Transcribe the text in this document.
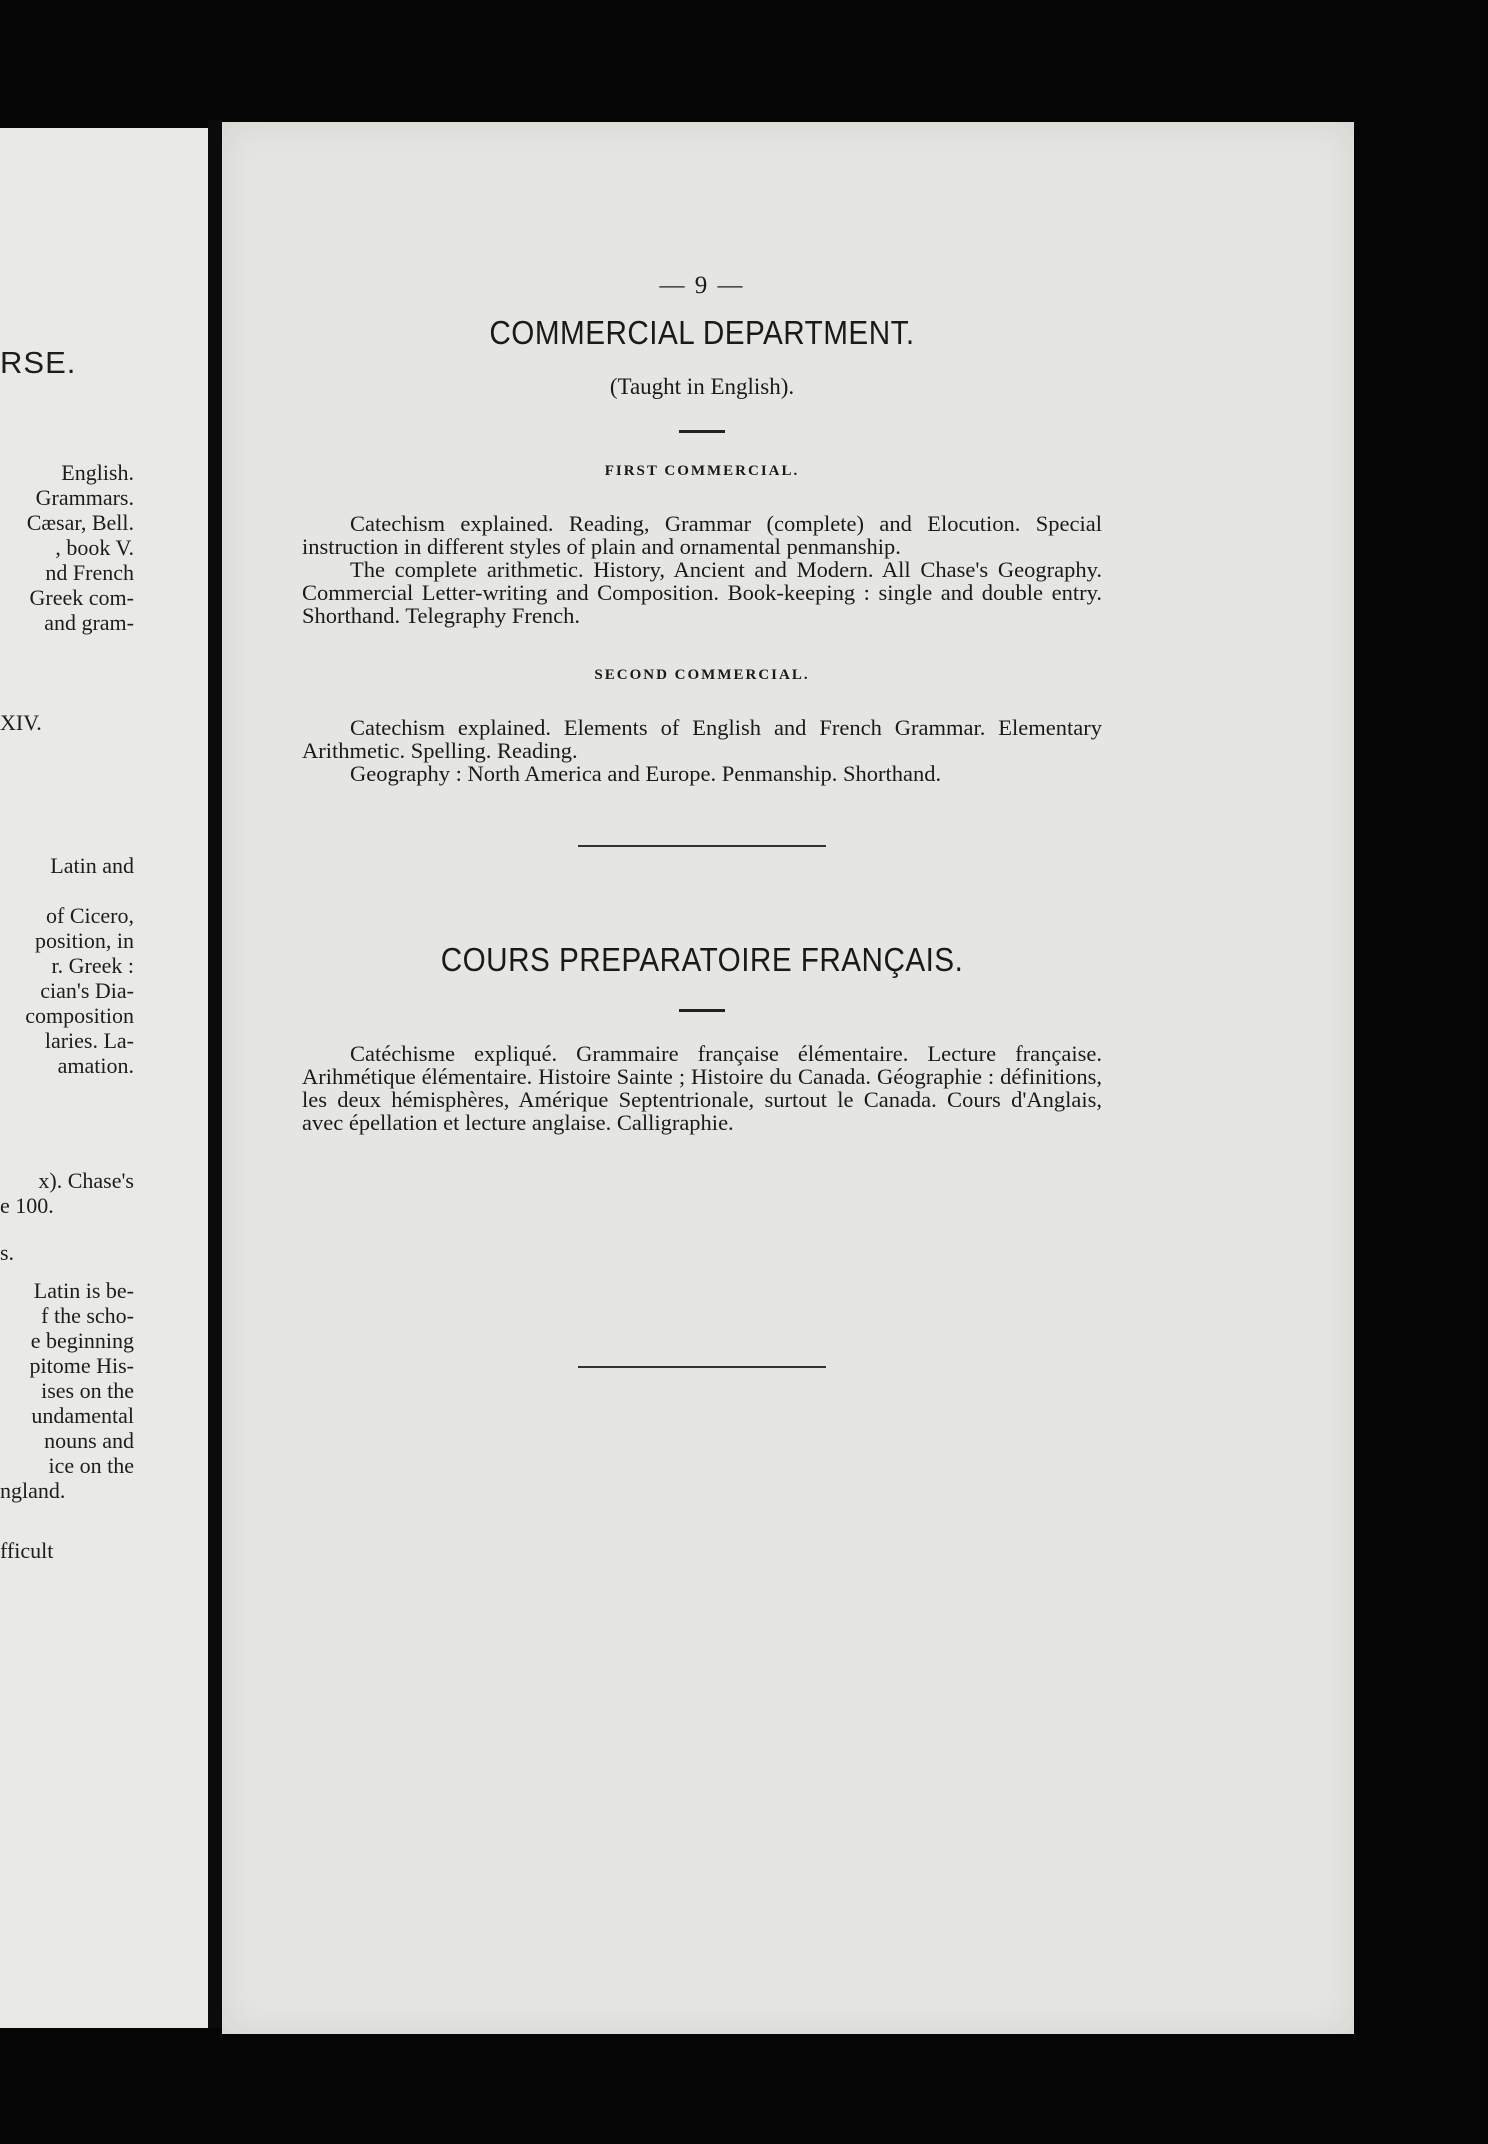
RSE.
English.
Grammars.
Cæsar, Bell.
, book V.
nd French
Greek com-
and gram-
XIV.
Latin and
of Cicero,
position, in
r. Greek :
cian's Dia-
composition
laries. La-
amation.
x). Chase's
e 100.
s.
Latin is be-
f the scho-
e beginning
pitome His-
ises on the
undamental
nouns and
ice on the
ngland.
fficult

— 9 —

COMMERCIAL DEPARTMENT.

(Taught in English).

FIRST COMMERCIAL.

Catechism explained. Reading, Grammar (complete) and Elocution. Special instruction in different styles of plain and ornamental penmanship.

The complete arithmetic. History, Ancient and Modern. All Chase's Geography. Commercial Letter-writing and Composition. Book-keeping : single and double entry. Shorthand. Telegraphy French.

SECOND COMMERCIAL.

Catechism explained. Elements of English and French Grammar. Elementary Arithmetic. Spelling. Reading.

Geography : North America and Europe. Penmanship. Shorthand.

COURS PREPARATOIRE FRANÇAIS.

Catéchisme expliqué. Grammaire française élémentaire. Lecture française. Arihmétique élémentaire. Histoire Sainte ; Histoire du Canada. Géographie : définitions, les deux hémisphères, Amérique Septentrionale, surtout le Canada. Cours d'Anglais, avec épellation et lecture anglaise. Calligraphie.
